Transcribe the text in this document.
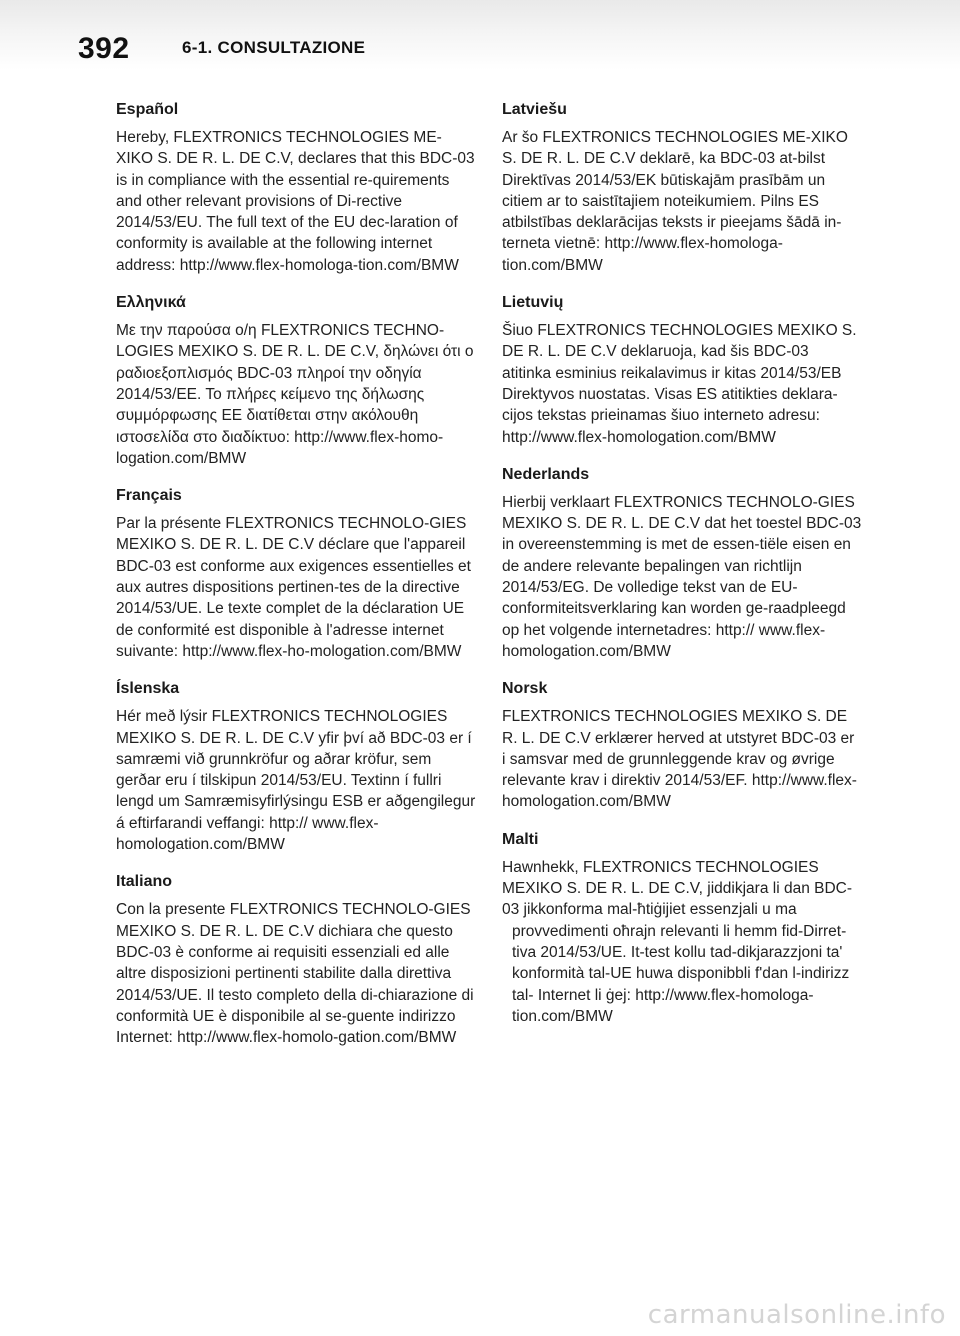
392	6-1. CONSULTAZIONE
Español

Hereby, FLEXTRONICS TECHNOLOGIES ME-XIKO S. DE R. L. DE C.V, declares that this BDC-03 is in compliance with the essential re-quirements and other relevant provisions of Di-rective 2014/53/EU. The full text of the EU dec-laration of conformity is available at the following internet address: http://www.flex-homologa-tion.com/BMW

Ελληνικά

Με την παρούσα ο/η FLEXTRONICS TECHNO-LOGIES MEXIKO S. DE R. L. DE C.V, δηλώνει ότι ο ραδιοεξοπλισμός BDC-03 πληροί την οδηγία 2014/53/ΕΕ. Το πλήρες κείμενο της δήλωσης συμμόρφωσης ΕΕ διατίθεται στην ακόλουθη ιστοσελίδα στο διαδίκτυο: http://www.flex-homo-logation.com/BMW

Français

Par la présente FLEXTRONICS TECHNOLO-GIES MEXIKO S. DE R. L. DE C.V déclare que l'appareil BDC-03 est conforme aux exigences essentielles et aux autres dispositions pertinen-tes de la directive 2014/53/UE. Le texte complet de la déclaration UE de conformité est disponible à l'adresse internet suivante: http://www.flex-ho-mologation.com/BMW

Íslenska

Hér með lýsir FLEXTRONICS TECHNOLOGIES MEXIKO S. DE R. L. DE C.V yfir því að BDC-03 er í samræmi við grunnkröfur og aðrar kröfur, sem gerðar eru í tilskipun 2014/53/EU. Textinn í fullri lengd um Samræmisyfirlýsingu ESB er aðgengilegur á eftirfarandi veffangi: http:// www.flex-homologation.com/BMW

Italiano

Con la presente FLEXTRONICS TECHNOLO-GIES MEXIKO S. DE R. L. DE C.V dichiara che questo BDC-03 è conforme ai requisiti essenziali ed alle altre disposizioni pertinenti stabilite dalla direttiva 2014/53/UE. Il testo completo della di-chiarazione di conformità UE è disponibile al se-guente indirizzo Internet: http://www.flex-homolo-gation.com/BMW

Latviešu

Ar šo FLEXTRONICS TECHNOLOGIES ME-XIKO S. DE R. L. DE C.V deklarē, ka BDC-03 at-bilst Direktīvas 2014/53/EK būtiskajām prasībām un citiem ar to saistītajiem noteikumiem. Pilns ES atbilstības deklarācijas teksts ir pieejams šādā in-terneta vietnē: http://www.flex-homologa-tion.com/BMW

Lietuvių

Šiuo FLEXTRONICS TECHNOLOGIES MEXIKO S. DE R. L. DE C.V deklaruoja, kad šis BDC-03 atitinka esminius reikalavimus ir kitas 2014/53/EB Direktyvos nuostatas. Visas ES atitikties deklara-cijos tekstas prieinamas šiuo interneto adresu: http://www.flex-homologation.com/BMW

Nederlands

Hierbij verklaart FLEXTRONICS TECHNOLO-GIES MEXIKO S. DE R. L. DE C.V dat het toestel BDC-03 in overeenstemming is met de essen-tiële eisen en de andere relevante bepalingen van richtlijn 2014/53/EG. De volledige tekst van de EU-conformiteitsverklaring kan worden ge-raadpleegd op het volgende internetadres: http:// www.flex-homologation.com/BMW

Norsk

FLEXTRONICS TECHNOLOGIES MEXIKO S. DE R. L. DE C.V erklærer herved at utstyret BDC-03 er i samsvar med de grunnleggende krav og øvrige relevante krav i direktiv 2014/53/EF. http://www.flex-homologation.com/BMW

Malti

Hawnhekk, FLEXTRONICS TECHNOLOGIES MEXIKO S. DE R. L. DE C.V, jiddikjara li dan BDC-03 jikkonforma mal-ħtiġijiet essenzjali u ma

provvedimenti oħrajn relevanti li hemm fid-Dirret-tiva 2014/53/UE. It-test kollu tad-dikjarazzjoni ta' konformità tal-UE huwa disponibbli f'dan l-indirizz tal- Internet li ġej: http://www.flex-homologa-tion.com/BMW

carmanualsonline.info
